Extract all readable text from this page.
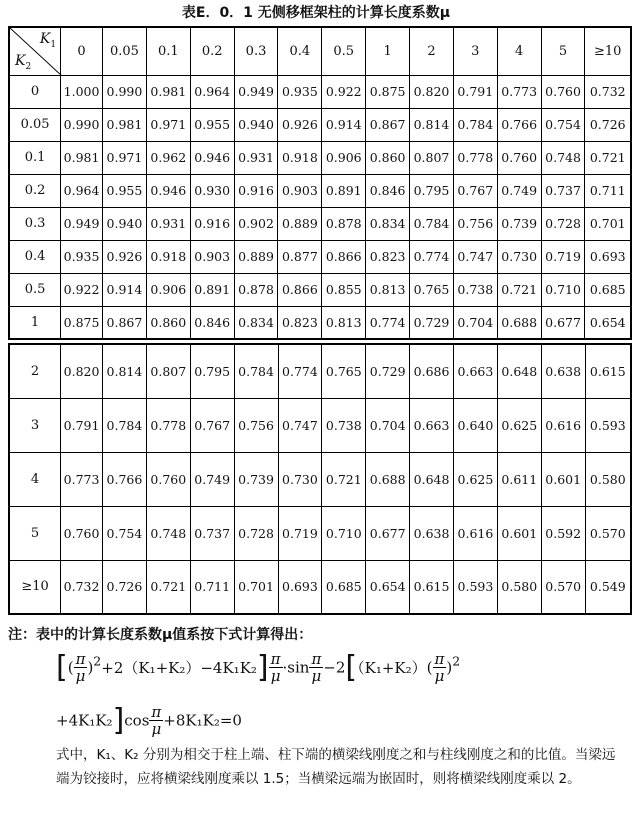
表E．0．1 无侧移框架柱的计算长度系数μ
$K_1$
$K_2$	0	0.05	0.1	0.2	0.3	0.4	0.5	1	2	3	4	5	≥10
0	1.000	0.990	0.981	0.964	0.949	0.935	0.922	0.875	0.820	0.791	0.773	0.760	0.732
0.05	0.990	0.981	0.971	0.955	0.940	0.926	0.914	0.867	0.814	0.784	0.766	0.754	0.726
0.1	0.981	0.971	0.962	0.946	0.931	0.918	0.906	0.860	0.807	0.778	0.760	0.748	0.721
0.2	0.964	0.955	0.946	0.930	0.916	0.903	0.891	0.846	0.795	0.767	0.749	0.737	0.711
0.3	0.949	0.940	0.931	0.916	0.902	0.889	0.878	0.834	0.784	0.756	0.739	0.728	0.701
0.4	0.935	0.926	0.918	0.903	0.889	0.877	0.866	0.823	0.774	0.747	0.730	0.719	0.693
0.5	0.922	0.914	0.906	0.891	0.878	0.866	0.855	0.813	0.765	0.738	0.721	0.710	0.685
1	0.875	0.867	0.860	0.846	0.834	0.823	0.813	0.774	0.729	0.704	0.688	0.677	0.654
2	0.820	0.814	0.807	0.795	0.784	0.774	0.765	0.729	0.686	0.663	0.648	0.638	0.615
3	0.791	0.784	0.778	0.767	0.756	0.747	0.738	0.704	0.663	0.640	0.625	0.616	0.593
4	0.773	0.766	0.760	0.749	0.739	0.730	0.721	0.688	0.648	0.625	0.611	0.601	0.580
5	0.760	0.754	0.748	0.737	0.728	0.719	0.710	0.677	0.638	0.616	0.601	0.592	0.570
≥10	0.732	0.726	0.721	0.711	0.701	0.693	0.685	0.654	0.615	0.593	0.580	0.570	0.549
注：表中的计算长度系数μ值系按下式计算得出：
[( $\frac{\pi}{\mu} )^2+2(K_1+K_2)-4K_1K_2] \frac{\pi}{\mu} \cdot\sin \frac{\pi}{\mu} -2[(K_1+K_2)( \frac{\pi}{\mu} )^2$
$+4K_1K_2]\cos \frac{\pi}{\mu} +8K_1K_2=0$
式中，K₁、K₂ 分别为相交于柱上端、柱下端的横梁线刚度之和与柱线刚度之和的比值。当梁远端为铰接时，应将横梁线刚度乘以 1.5；当横梁远端为嵌固时，则将横梁线刚度乘以 2。
